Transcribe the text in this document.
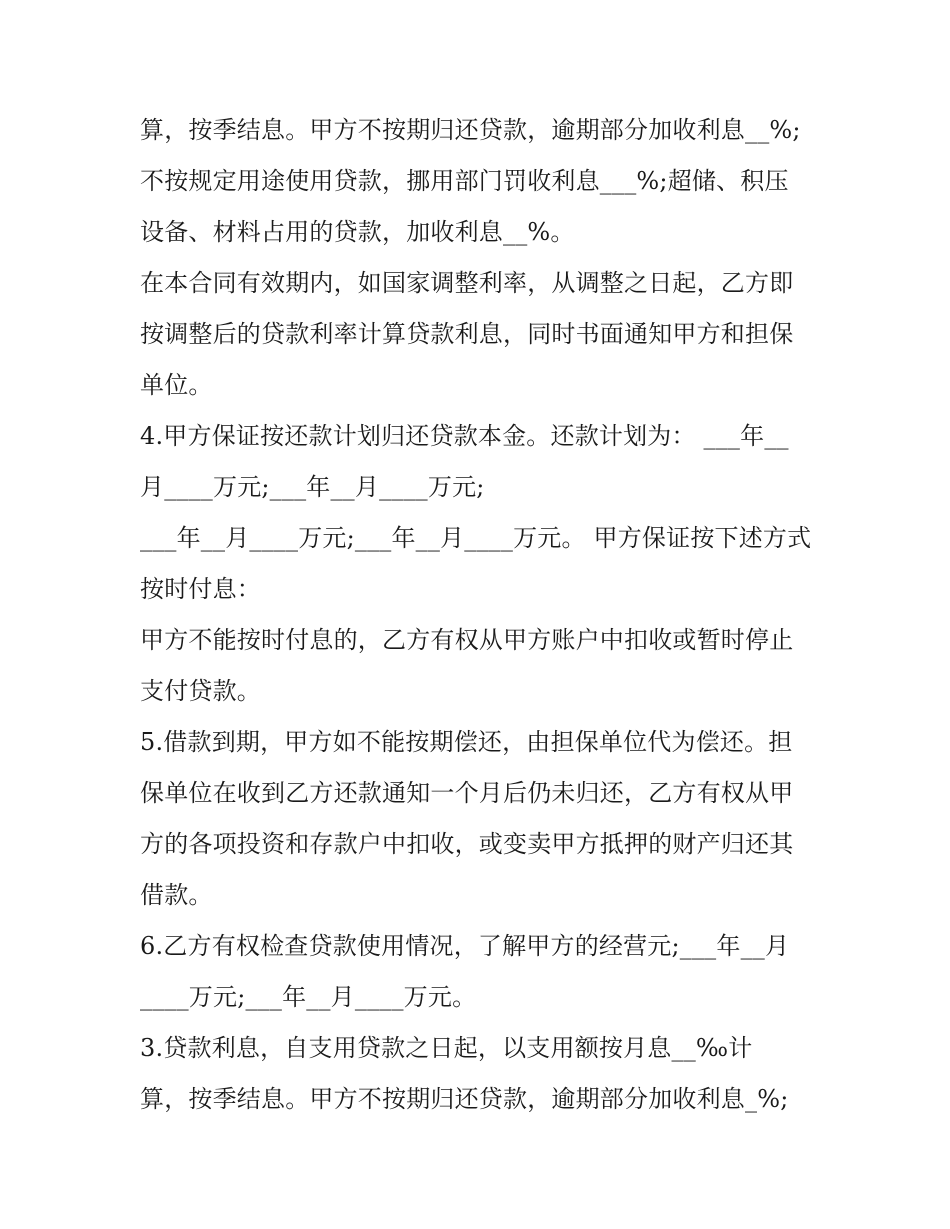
算，按季结息。甲方不按期归还贷款，逾期部分加收利息__%;
不按规定用途使用贷款，挪用部门罚收利息___%;超储、积压
设备、材料占用的贷款，加收利息__%。
在本合同有效期内，如国家调整利率，从调整之日起，乙方即
按调整后的贷款利率计算贷款利息，同时书面通知甲方和担保
单位。
4.甲方保证按还款计划归还贷款本金。还款计划为： ___年__
月____万元;___年__月____万元;
___年__月____万元;___年__月____万元。 甲方保证按下述方式
按时付息：
甲方不能按时付息的，乙方有权从甲方账户中扣收或暂时停止
支付贷款。
5.借款到期，甲方如不能按期偿还，由担保单位代为偿还。担
保单位在收到乙方还款通知一个月后仍未归还，乙方有权从甲
方的各项投资和存款户中扣收，或变卖甲方抵押的财产归还其
借款。
6.乙方有权检查贷款使用情况，了解甲方的经营元;___年__月
____万元;___年__月____万元。
3.贷款利息，自支用贷款之日起，以支用额按月息__‰计
算，按季结息。甲方不按期归还贷款，逾期部分加收利息_%;
